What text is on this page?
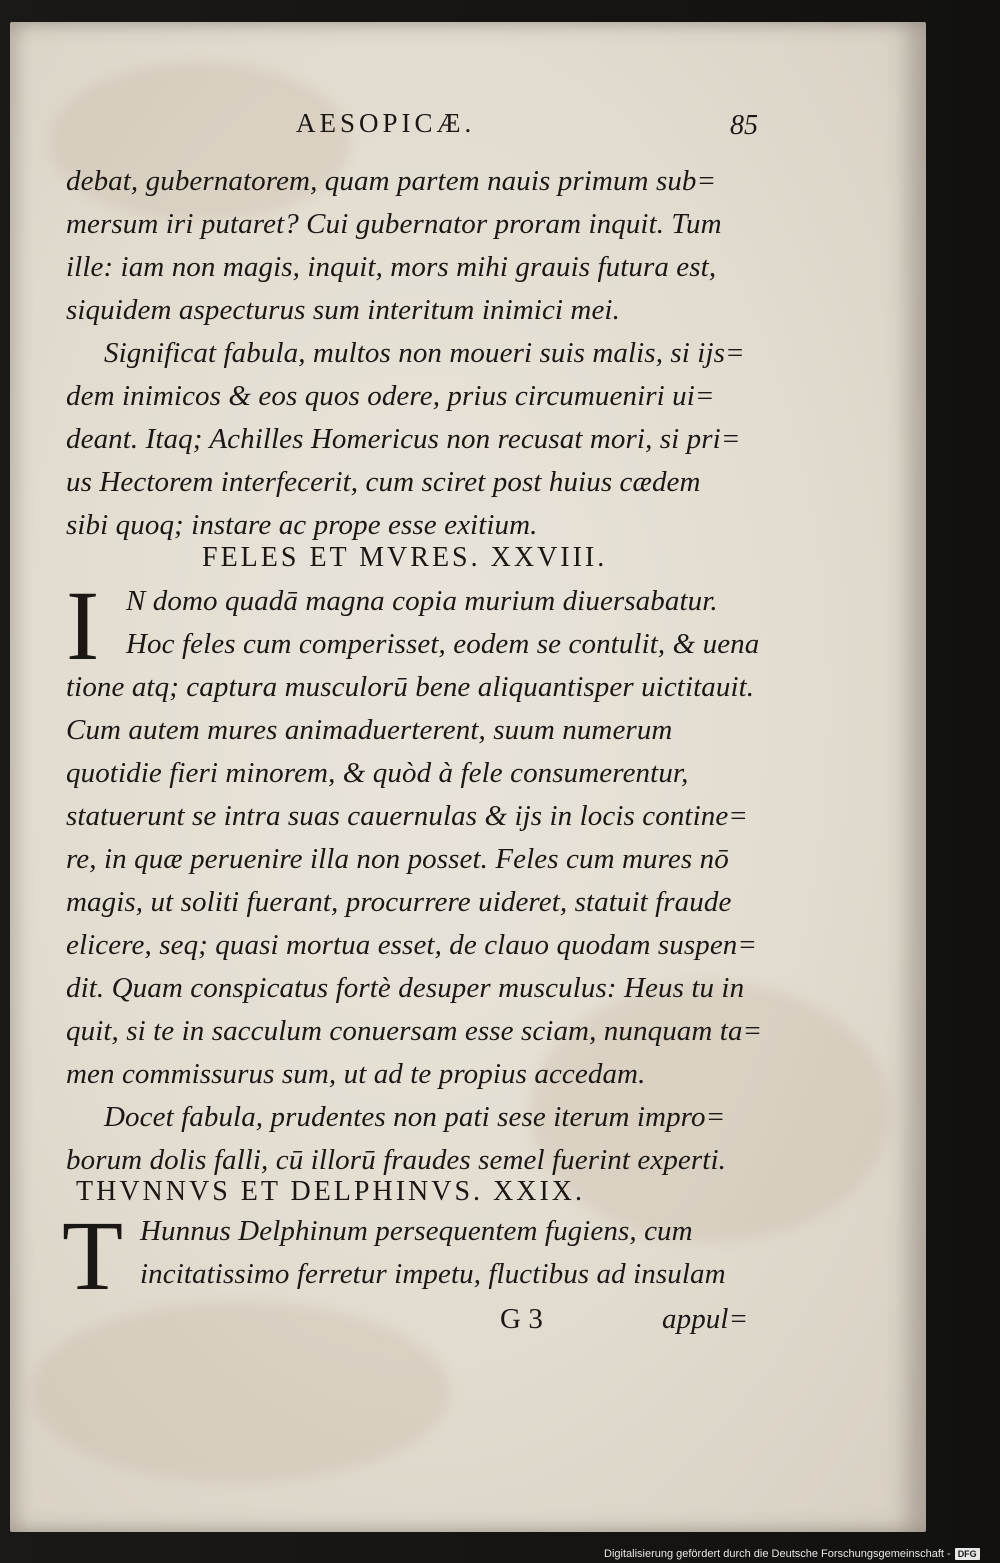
AESOPICÆ.	85
debat, gubernatorem, quam partem nauis primum sub=
mersum iri putaret? Cui gubernator proram inquit. Tum
ille: iam non magis, inquit, mors mihi grauis futura est,
siquidem aspecturus sum interitum inimici mei.
Significat fabula, multos non moueri suis malis, si ijs=
dem inimicos & eos quos odere, prius circumueniri ui=
deant. Itaq; Achilles Homericus non recusat mori, si pri=
us Hectorem interfecerit, cum sciret post huius cædem
sibi quoq; instare ac prope esse exitium.
FELES ET MVRES. XXVIII.
I N domo quadā magna copia murium diuersabatur.
Hoc feles cum comperisset, eodem se contulit, & uena
tione atq; captura musculorū bene aliquantisper uictitauit.
Cum autem mures animaduerterent, suum numerum
quotidie fieri minorem, & quòd à fele consumerentur,
statuerunt se intra suas cauernulas & ijs in locis contine=
re, in quæ peruenire illa non posset. Feles cum mures nō
magis, ut soliti fuerant, procurrere uideret, statuit fraude
elicere, seq; quasi mortua esset, de clauo quodam suspen=
dit. Quam conspicatus fortè desuper musculus: Heus tu in
quit, si te in sacculum conuersam esse sciam, nunquam ta=
men commissurus sum, ut ad te propius accedam.
Docet fabula, prudentes non pati sese iterum impro=
borum dolis falli, cū illorū fraudes semel fuerint experti.
THVNNVS ET DELPHINVS. XXIX.
T Hunnus Delphinum persequentem fugiens, cum
incitatissimo ferretur impetu, fluctibus ad insulam
G 3	appul=
Digitalisierung gefördert durch die Deutsche Forschungsgemeinschaft - DFG
